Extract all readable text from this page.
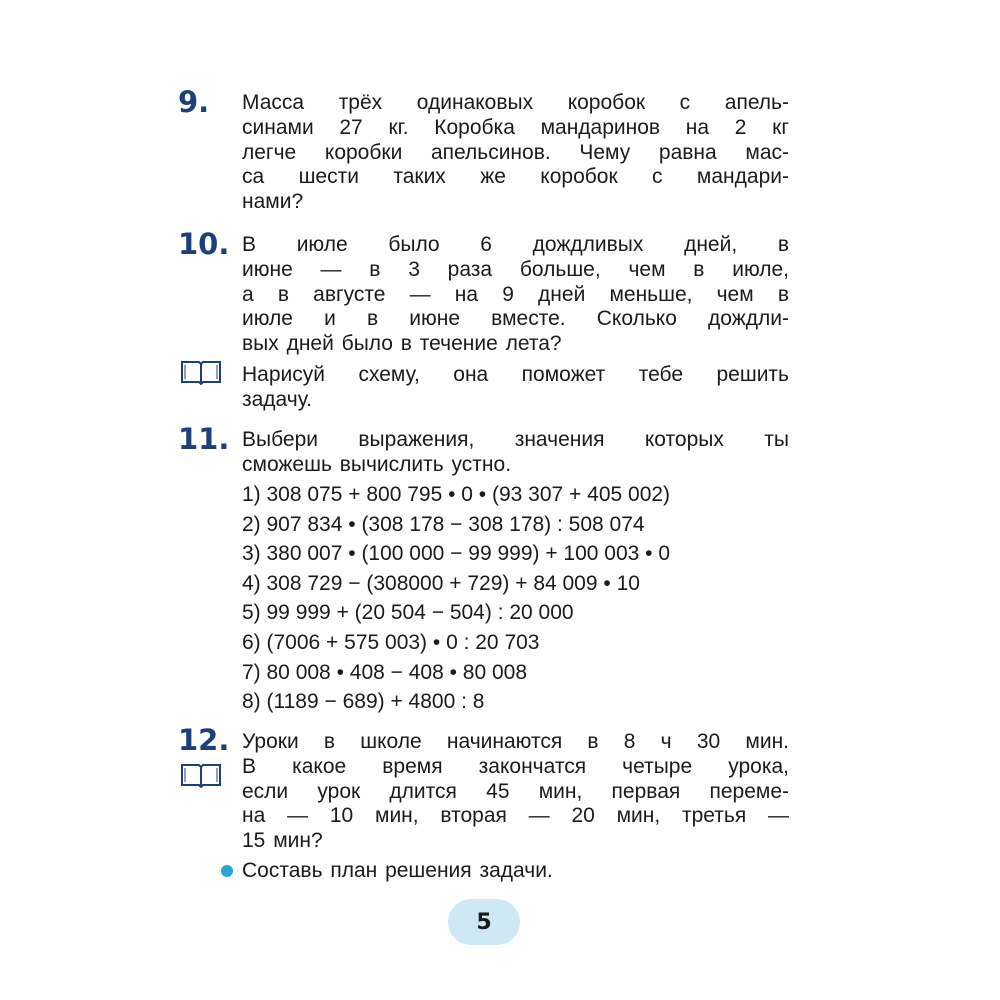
9. Масса трёх одинаковых коробок с апель-
синами 27 кг. Коробка мандаринов на 2 кг
легче коробки апельсинов. Чему равна мас-
са шести таких же коробок с мандари-
нами?
10. В июле было 6 дождливых дней, в
июне — в 3 раза больше, чем в июле,
а в августе — на 9 дней меньше, чем в
июле и в июне вместе. Сколько дождли-
вых дней было в течение лета?
Нарисуй схему, она поможет тебе решить
задачу.
11. Выбери выражения, значения которых ты
сможешь вычислить устно.
1) 308 075 + 800 795 • 0 • (93 307 + 405 002)
2) 907 834 • (308 178 − 308 178) : 508 074
3) 380 007 • (100 000 − 99 999) + 100 003 • 0
4) 308 729 − (308000 + 729) + 84 009 • 10
5) 99 999 + (20 504 − 504) : 20 000
6) (7006 + 575 003) • 0 : 20 703
7) 80 008 • 408 − 408 • 80 008
8) (1189 − 689) + 4800 : 8
12. Уроки в школе начинаются в 8 ч 30 мин.
В какое время закончатся четыре урока,
если урок длится 45 мин, первая переме-
на — 10 мин, вторая — 20 мин, третья —
15 мин?
Составь план решения задачи.
5
